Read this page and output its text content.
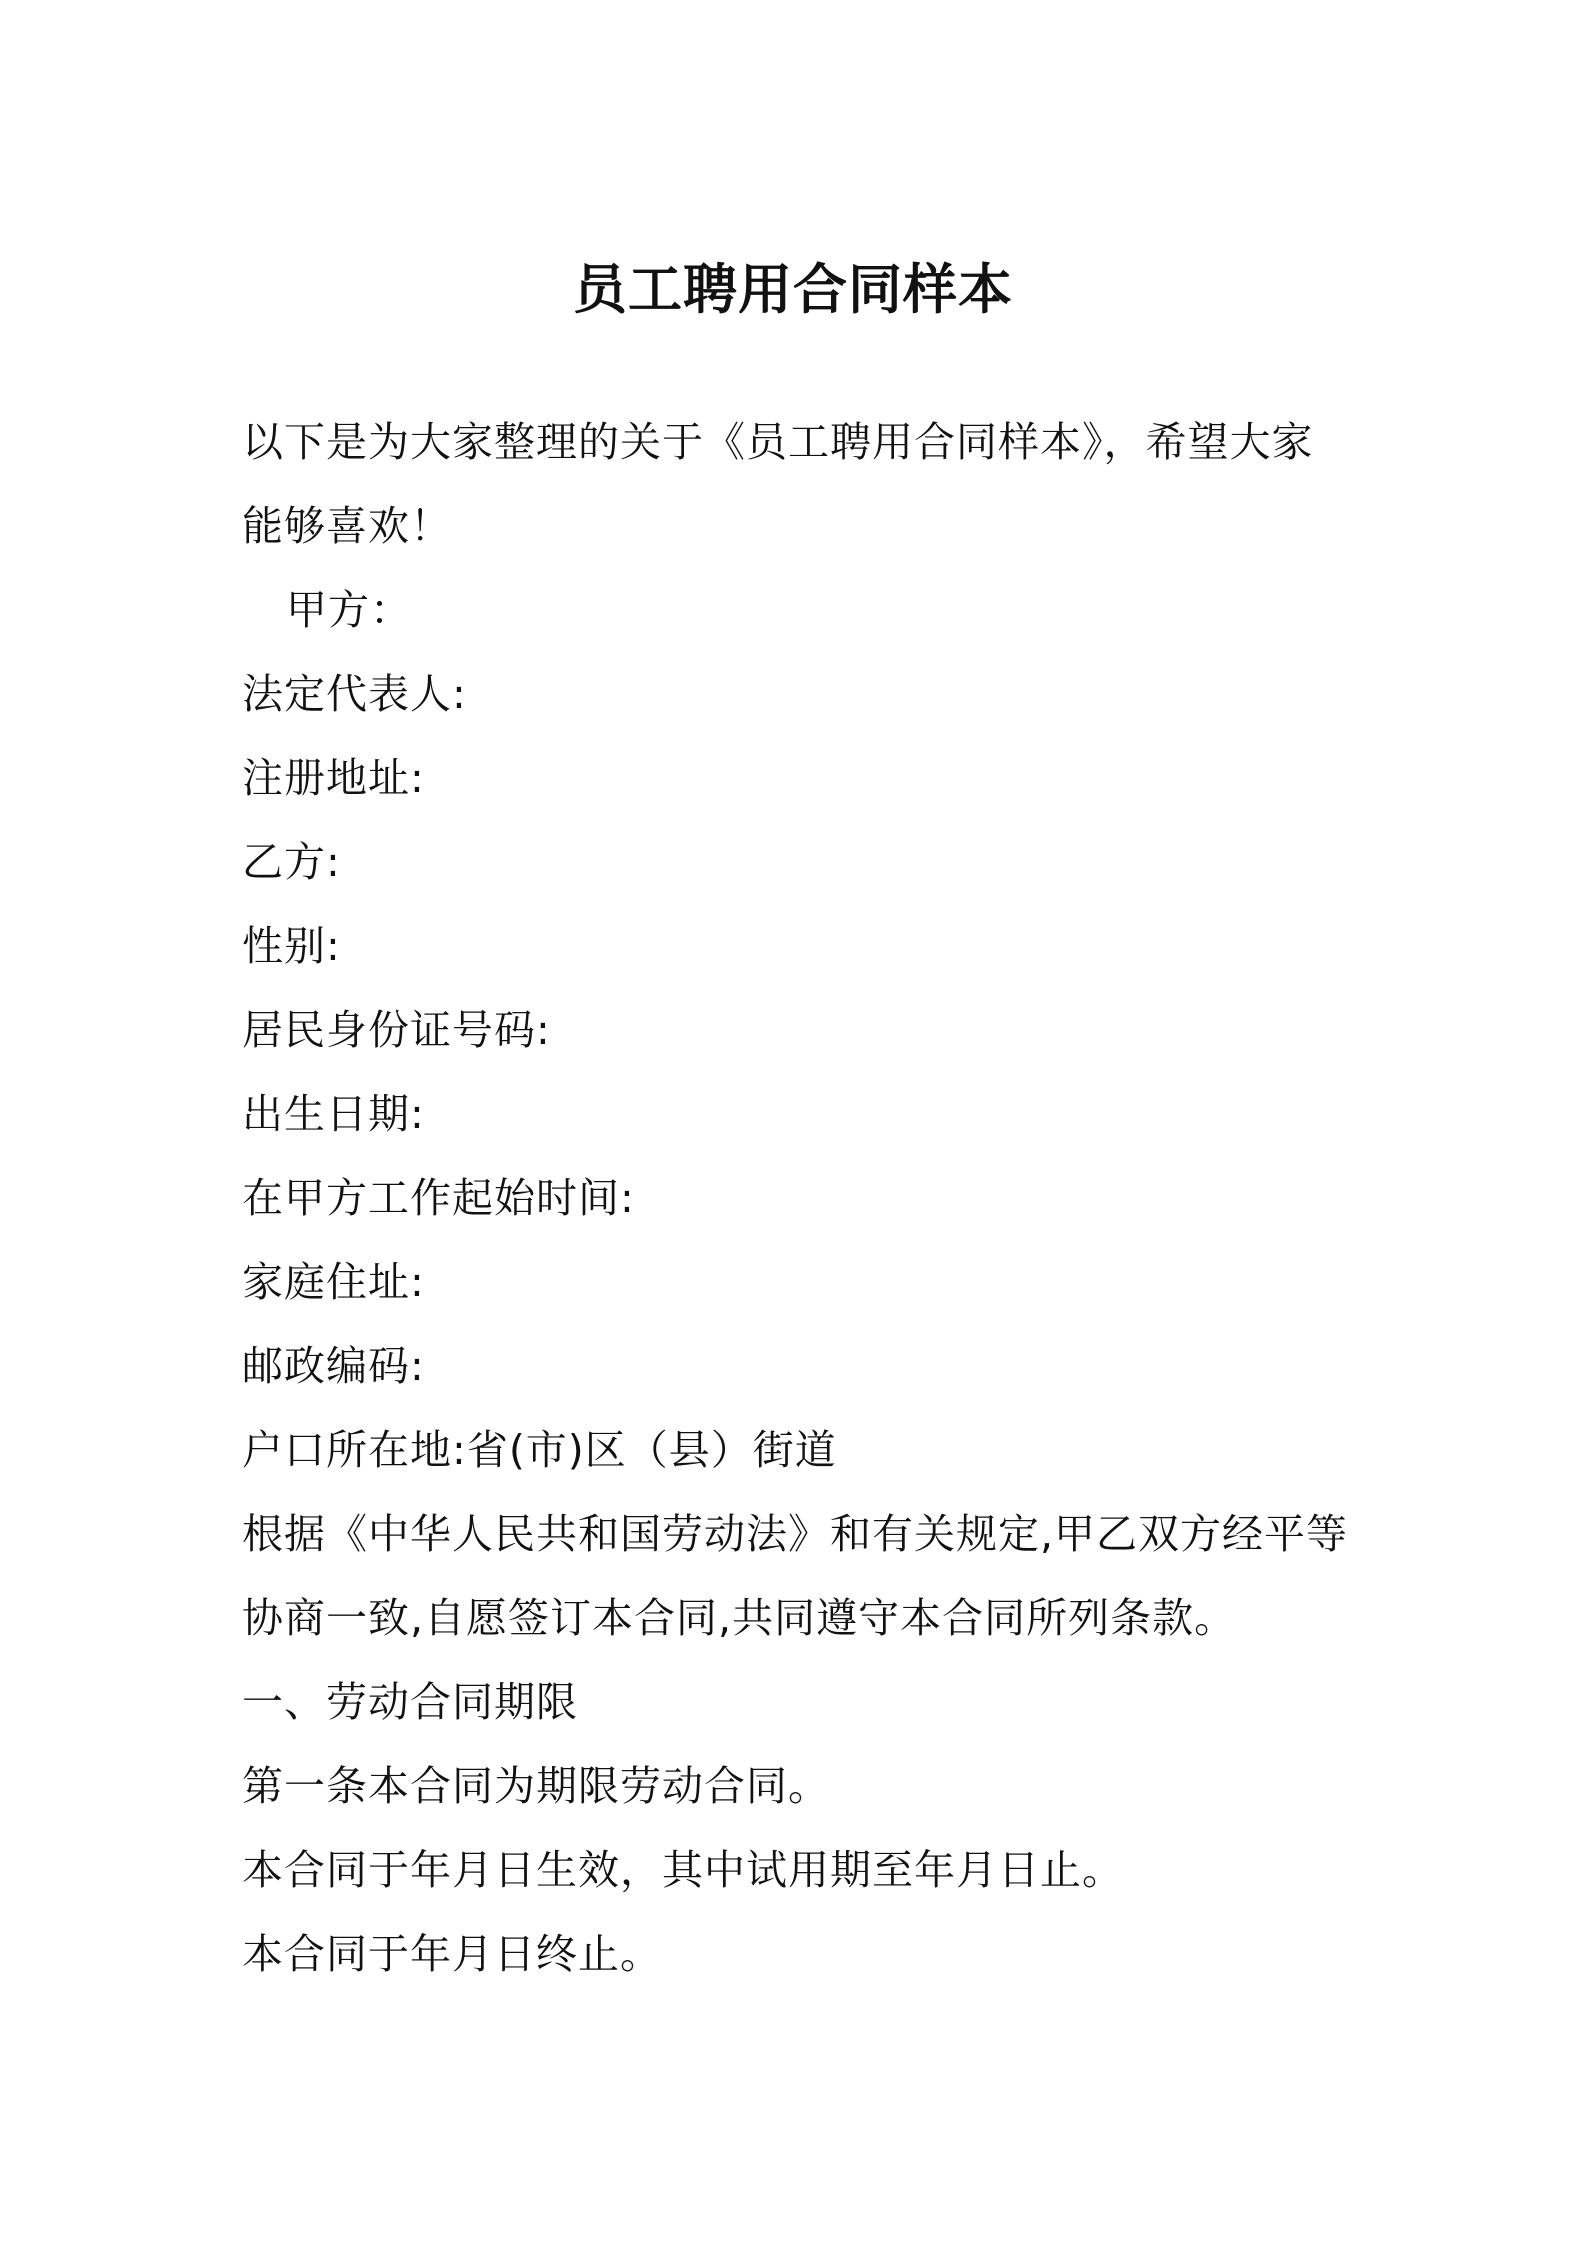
员工聘用合同样本
以下是为大家整理的关于《员工聘用合同样本》，希望大家
能够喜欢！
甲方：
法定代表人:
注册地址:
乙方:
性别:
居民身份证号码:
出生日期:
在甲方工作起始时间:
家庭住址:
邮政编码:
户口所在地:省(市)区（县）街道
根据《中华人民共和国劳动法》和有关规定,甲乙双方经平等
协商一致,自愿签订本合同,共同遵守本合同所列条款。
一、劳动合同期限
第一条本合同为期限劳动合同。
本合同于年月日生效，其中试用期至年月日止。
本合同于年月日终止。
